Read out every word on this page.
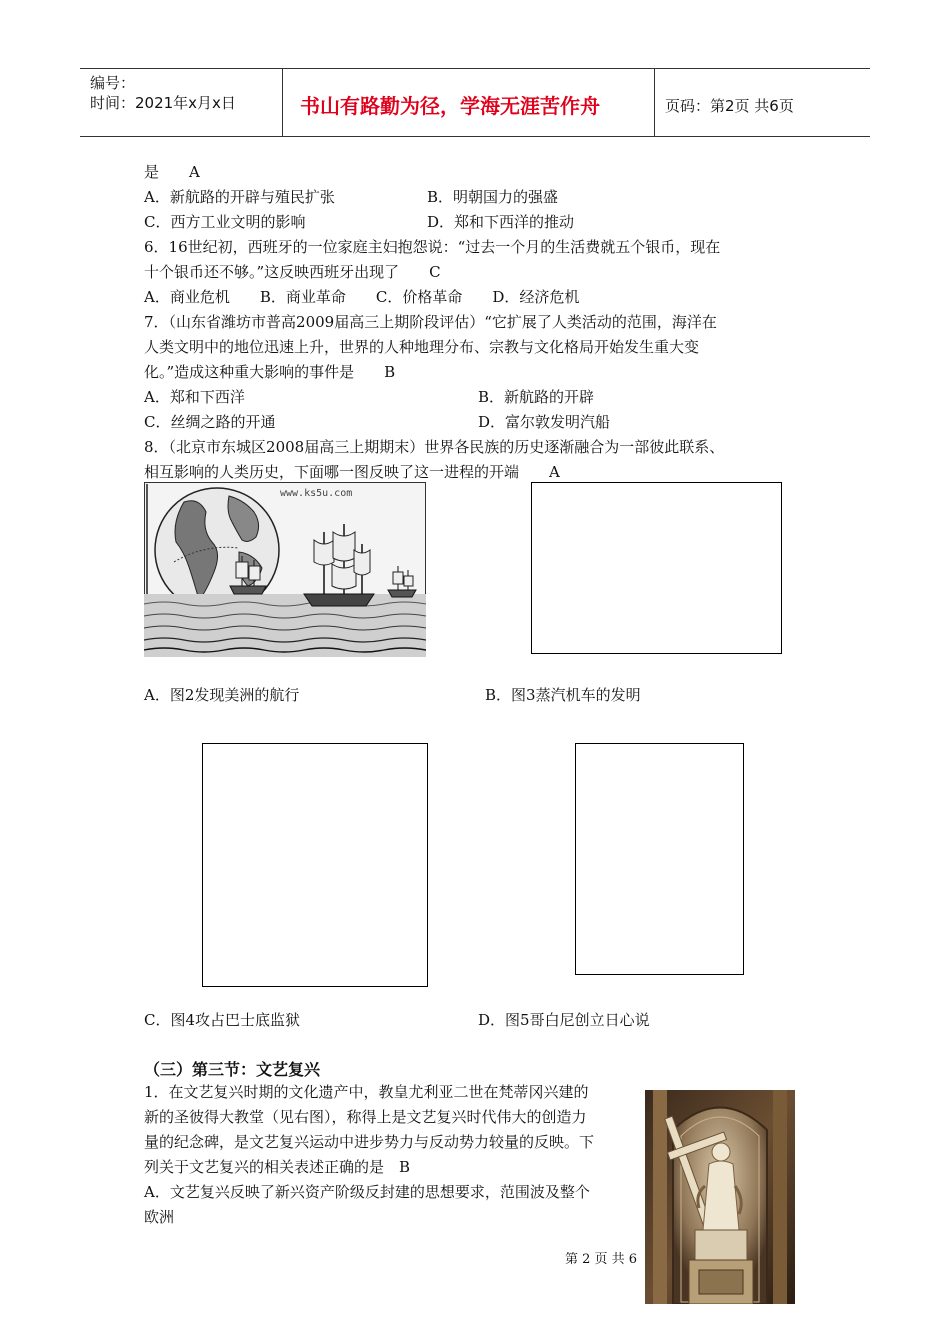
编号：
时间：2021年x月x日	书山有路勤为径，学海无涯苦作舟	页码：第2页 共6页
是　　A
A．新航路的开辟与殖民扩张	B．明朝国力的强盛
C．西方工业文明的影响	D．郑和下西洋的推动
6．16世纪初，西班牙的一位家庭主妇抱怨说：“过去一个月的生活费就五个银币，现在
十个银币还不够。”这反映西班牙出现了　　C
A．商业危机　　B．商业革命　　C．价格革命　　D．经济危机
7．（山东省潍坊市普高2009届高三上期阶段评估）“它扩展了人类活动的范围，海洋在
人类文明中的地位迅速上升，世界的人种地理分布、宗教与文化格局开始发生重大变
化。”造成这种重大影响的事件是　　B
A．郑和下西洋	B．新航路的开辟
C．丝绸之路的开通	D．富尔敦发明汽船
8．（北京市东城区2008届高三上期期末）世界各民族的历史逐渐融合为一部彼此联系、
相互影响的人类历史，下面哪一图反映了这一进程的开端　　A
www.ks5u.com
A．图2发现美洲的航行	B．图3蒸汽机车的发明
C．图4攻占巴士底监狱	D．图5哥白尼创立日心说
（三）第三节：文艺复兴
1．在文艺复兴时期的文化遗产中，教皇尤利亚二世在梵蒂冈兴建的
新的圣彼得大教堂（见右图），称得上是文艺复兴时代伟大的创造力
量的纪念碑，是文艺复兴运动中进步势力与反动势力较量的反映。下
列关于文艺复兴的相关表述正确的是　B
A．文艺复兴反映了新兴资产阶级反封建的思想要求，范围波及整个
欧洲
第 2 页 共 6
